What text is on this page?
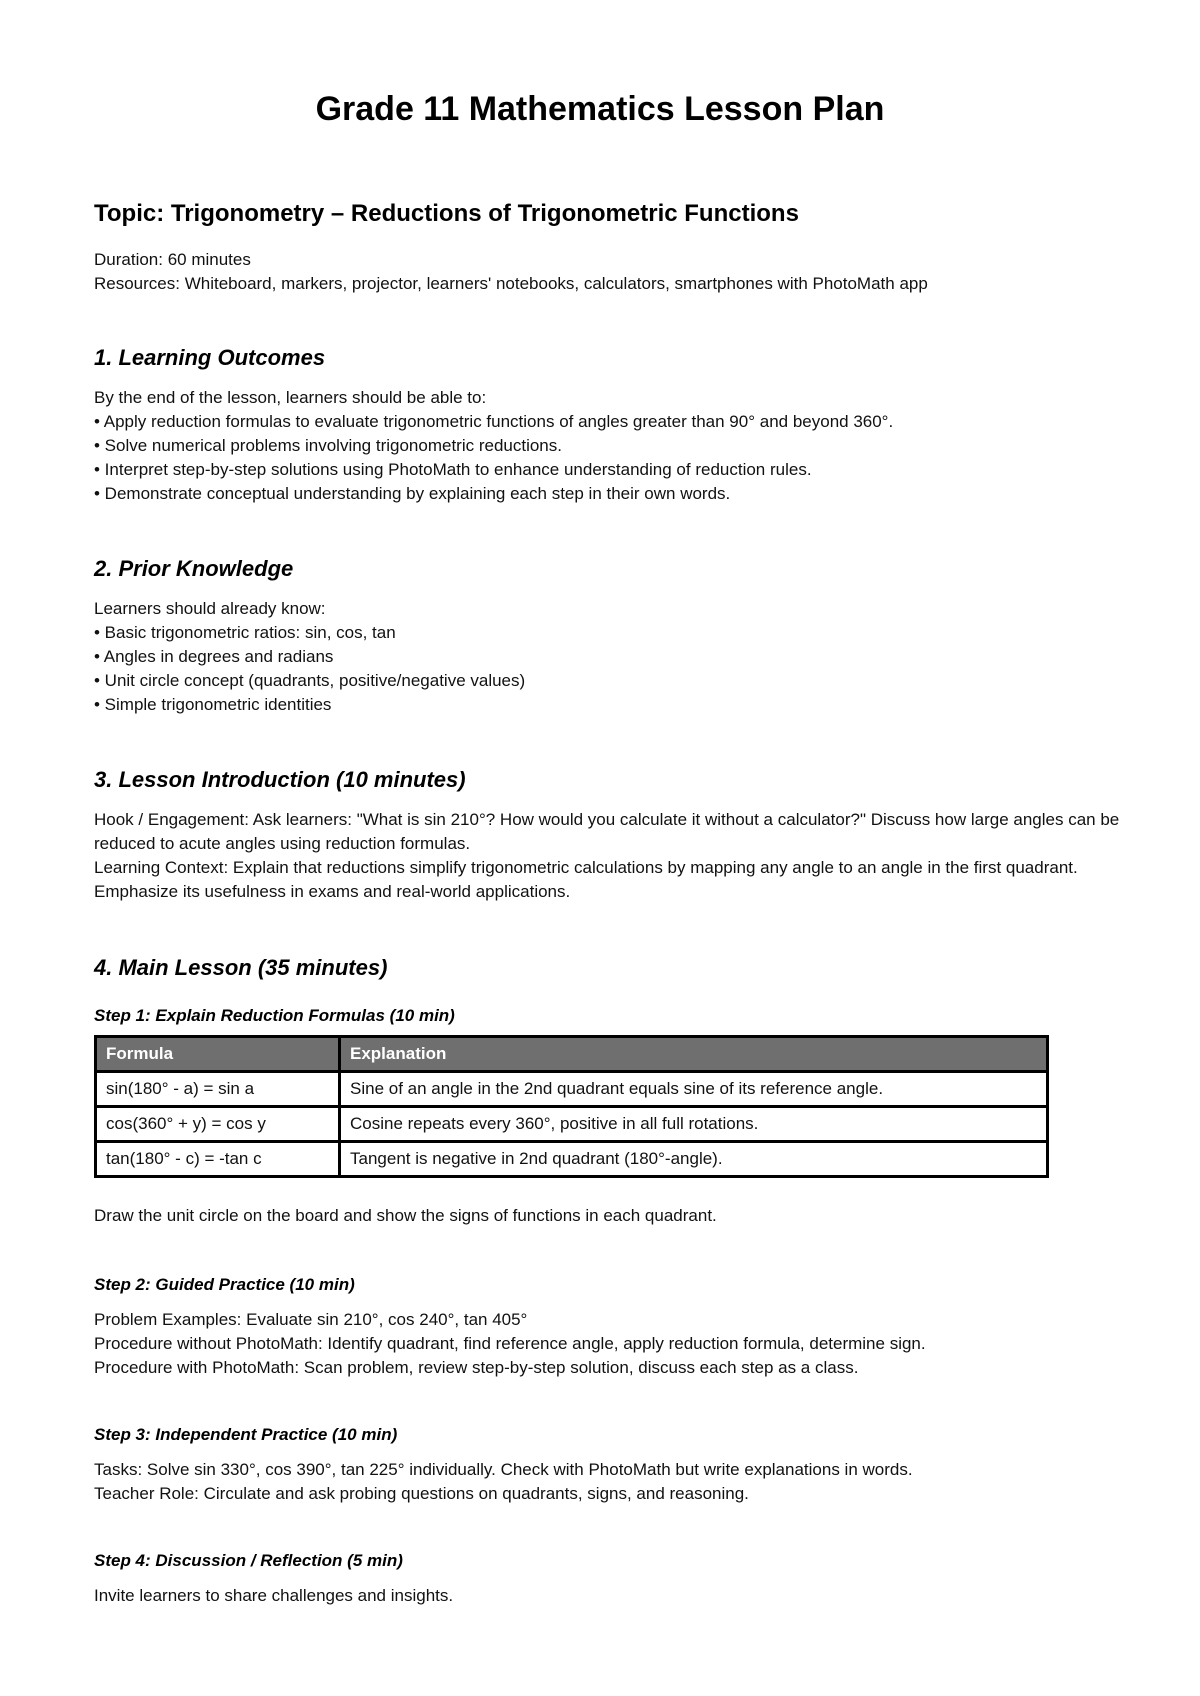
Grade 11 Mathematics Lesson Plan
Topic: Trigonometry – Reductions of Trigonometric Functions
Duration: 60 minutes
Resources: Whiteboard, markers, projector, learners' notebooks, calculators, smartphones with PhotoMath app
1. Learning Outcomes
By the end of the lesson, learners should be able to:
• Apply reduction formulas to evaluate trigonometric functions of angles greater than 90° and beyond 360°.
• Solve numerical problems involving trigonometric reductions.
• Interpret step-by-step solutions using PhotoMath to enhance understanding of reduction rules.
• Demonstrate conceptual understanding by explaining each step in their own words.
2. Prior Knowledge
Learners should already know:
• Basic trigonometric ratios: sin, cos, tan
• Angles in degrees and radians
• Unit circle concept (quadrants, positive/negative values)
• Simple trigonometric identities
3. Lesson Introduction (10 minutes)
Hook / Engagement: Ask learners: "What is sin 210°? How would you calculate it without a calculator?" Discuss how large angles can be reduced to acute angles using reduction formulas.
Learning Context: Explain that reductions simplify trigonometric calculations by mapping any angle to an angle in the first quadrant. Emphasize its usefulness in exams and real-world applications.
4. Main Lesson (35 minutes)
Step 1: Explain Reduction Formulas (10 min)
Formula	Explanation
sin(180° - a) = sin a	Sine of an angle in the 2nd quadrant equals sine of its reference angle.
cos(360° + y) = cos y	Cosine repeats every 360°, positive in all full rotations.
tan(180° - c) = -tan c	Tangent is negative in 2nd quadrant (180°-angle).
Draw the unit circle on the board and show the signs of functions in each quadrant.
Step 2: Guided Practice (10 min)
Problem Examples: Evaluate sin 210°, cos 240°, tan 405°
Procedure without PhotoMath: Identify quadrant, find reference angle, apply reduction formula, determine sign.
Procedure with PhotoMath: Scan problem, review step-by-step solution, discuss each step as a class.
Step 3: Independent Practice (10 min)
Tasks: Solve sin 330°, cos 390°, tan 225° individually. Check with PhotoMath but write explanations in words.
Teacher Role: Circulate and ask probing questions on quadrants, signs, and reasoning.
Step 4: Discussion / Reflection (5 min)
Invite learners to share challenges and insights.
